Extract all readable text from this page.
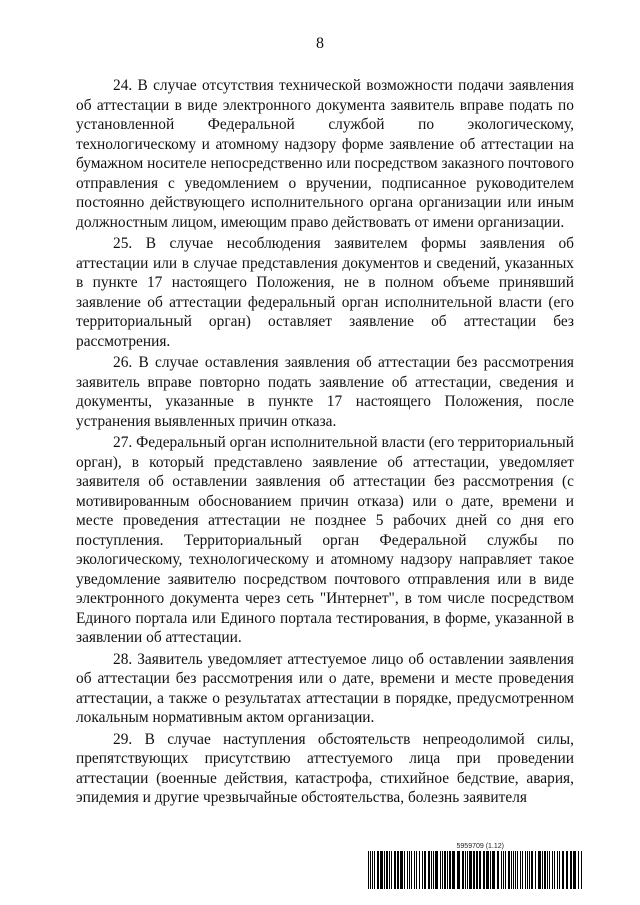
8

24. В случае отсутствия технической возможности подачи заявления об аттестации в виде электронного документа заявитель вправе подать по установленной Федеральной службой по экологическому, технологическому и атомному надзору форме заявление об аттестации на бумажном носителе непосредственно или посредством заказного почтового отправления с уведомлением о вручении, подписанное руководителем постоянно действующего исполнительного органа организации или иным должностным лицом, имеющим право действовать от имени организации.

25. В случае несоблюдения заявителем формы заявления об аттестации или в случае представления документов и сведений, указанных в пункте 17 настоящего Положения, не в полном объеме принявший заявление об аттестации федеральный орган исполнительной власти (его территориальный орган) оставляет заявление об аттестации без рассмотрения.

26. В случае оставления заявления об аттестации без рассмотрения заявитель вправе повторно подать заявление об аттестации, сведения и документы, указанные в пункте 17 настоящего Положения, после устранения выявленных причин отказа.

27. Федеральный орган исполнительной власти (его территориальный орган), в который представлено заявление об аттестации, уведомляет заявителя об оставлении заявления об аттестации без рассмотрения (с мотивированным обоснованием причин отказа) или о дате, времени и месте проведения аттестации не позднее 5 рабочих дней со дня его поступления. Территориальный орган Федеральной службы по экологическому, технологическому и атомному надзору направляет такое уведомление заявителю посредством почтового отправления или в виде электронного документа через сеть "Интернет", в том числе посредством Единого портала или Единого портала тестирования, в форме, указанной в заявлении об аттестации.

28. Заявитель уведомляет аттестуемое лицо об оставлении заявления об аттестации без рассмотрения или о дате, времени и месте проведения аттестации, а также о результатах аттестации в порядке, предусмотренном локальным нормативным актом организации.

29. В случае наступления обстоятельств непреодолимой силы, препятствующих присутствию аттестуемого лица при проведении аттестации (военные действия, катастрофа, стихийное бедствие, авария, эпидемия и другие чрезвычайные обстоятельства, болезнь заявителя

5959709 (1.12)
